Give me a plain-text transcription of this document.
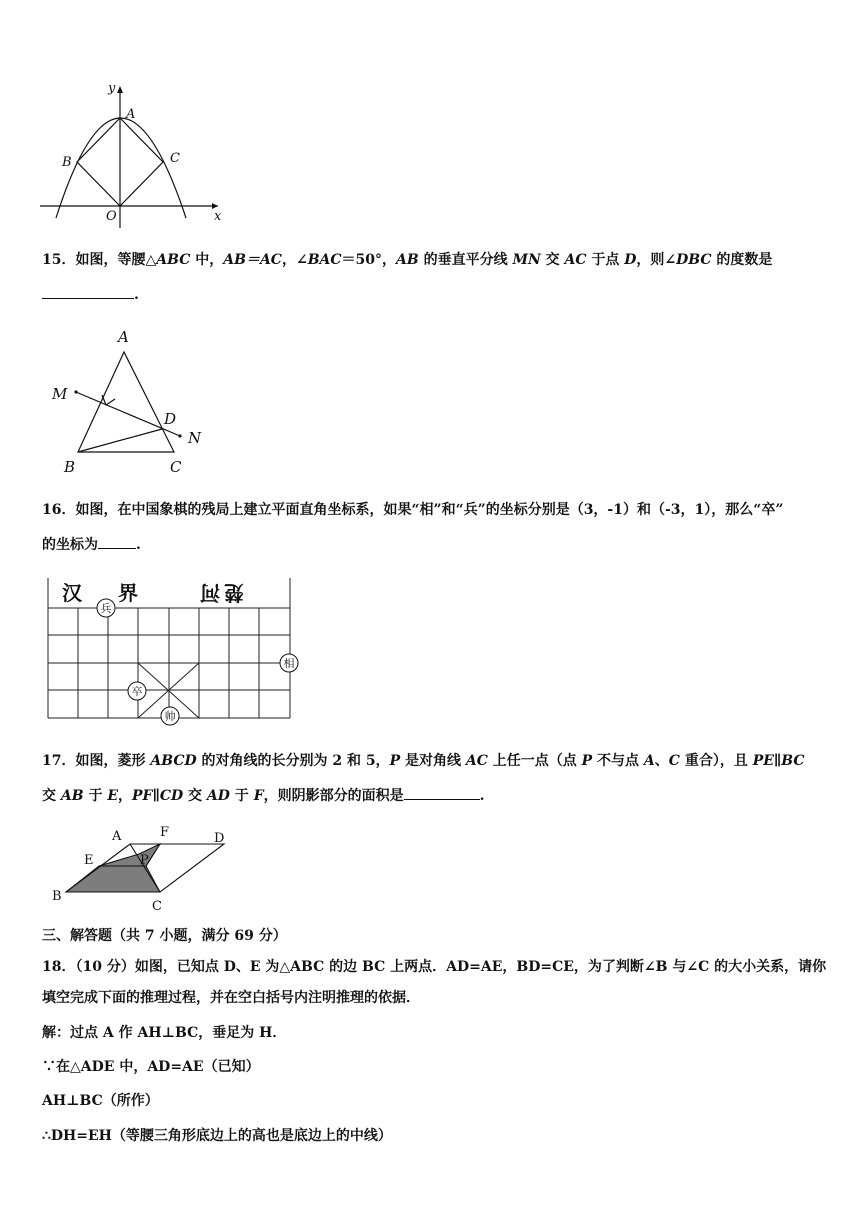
y
x
A
B	C
O
15．如图，等腰△ABC 中，AB＝AC，∠BAC＝50°，AB 的垂直平分线 MN 交 AC 于点 D，则∠DBC 的度数是
.
A
M
D
N
B	C
16．如图，在中国象棋的残局上建立平面直角坐标系，如果“相”和“兵”的坐标分别是（3，-1）和（-3，1），那么“卒”
的坐标为	.
汉 界	河 楚
兵
相
卒
帅
17．如图，菱形 ABCD 的对角线的长分别为 2 和 5，P 是对角线 AC 上任一点（点 P 不与点 A、C 重合），且 PE∥BC
交 AB 于 E，PF∥CD 交 AD 于 F，则阴影部分的面积是	.
A	F	D
E	P
B
C
三、解答题（共 7 小题，满分 69 分）
18．（10 分）如图，已知点 D、E 为△ABC 的边 BC 上两点．AD=AE，BD=CE，为了判断∠B 与∠C 的大小关系，请你
填空完成下面的推理过程，并在空白括号内注明推理的依据．
解：过点 A 作 AH⊥BC，垂足为 H．
∵在△ADE 中，AD=AE（已知）
AH⊥BC（所作）
∴DH=EH（等腰三角形底边上的高也是底边上的中线）
